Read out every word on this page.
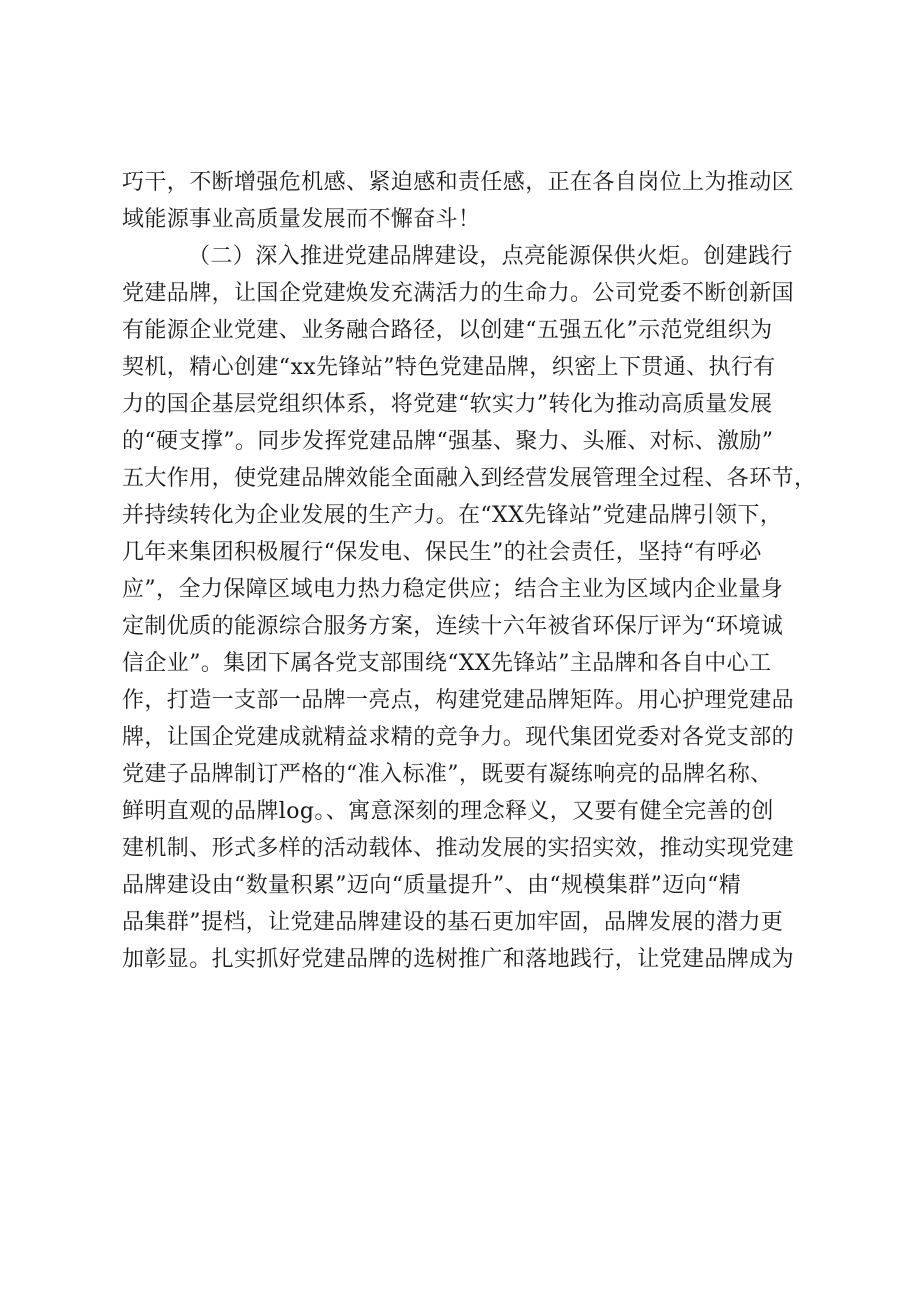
巧干，不断增强危机感、紧迫感和责任感，正在各自岗位上为推动区
域能源事业高质量发展而不懈奋斗！
（二）深入推进党建品牌建设，点亮能源保供火炬。创建践行
党建品牌，让国企党建焕发充满活力的生命力。公司党委不断创新国
有能源企业党建、业务融合路径，以创建“五强五化”示范党组织为
契机，精心创建“xx先锋站”特色党建品牌，织密上下贯通、执行有
力的国企基层党组织体系，将党建“软实力”转化为推动高质量发展
的“硬支撑”。同步发挥党建品牌“强基、聚力、头雁、对标、激励”
五大作用，使党建品牌效能全面融入到经营发展管理全过程、各环节，
并持续转化为企业发展的生产力。在“XX先锋站”党建品牌引领下，
几年来集团积极履行“保发电、保民生”的社会责任，坚持“有呼必
应”，全力保障区域电力热力稳定供应；结合主业为区域内企业量身
定制优质的能源综合服务方案，连续十六年被省环保厅评为“环境诚
信企业”。集团下属各党支部围绕“XX先锋站”主品牌和各自中心工
作，打造一支部一品牌一亮点，构建党建品牌矩阵。用心护理党建品
牌，让国企党建成就精益求精的竞争力。现代集团党委对各党支部的
党建子品牌制订严格的“准入标准”，既要有凝练响亮的品牌名称、
鲜明直观的品牌log。、寓意深刻的理念释义，又要有健全完善的创
建机制、形式多样的活动载体、推动发展的实招实效，推动实现党建
品牌建设由“数量积累”迈向“质量提升”、由“规模集群”迈向“精
品集群”提档，让党建品牌建设的基石更加牢固，品牌发展的潜力更
加彰显。扎实抓好党建品牌的选树推广和落地践行，让党建品牌成为
